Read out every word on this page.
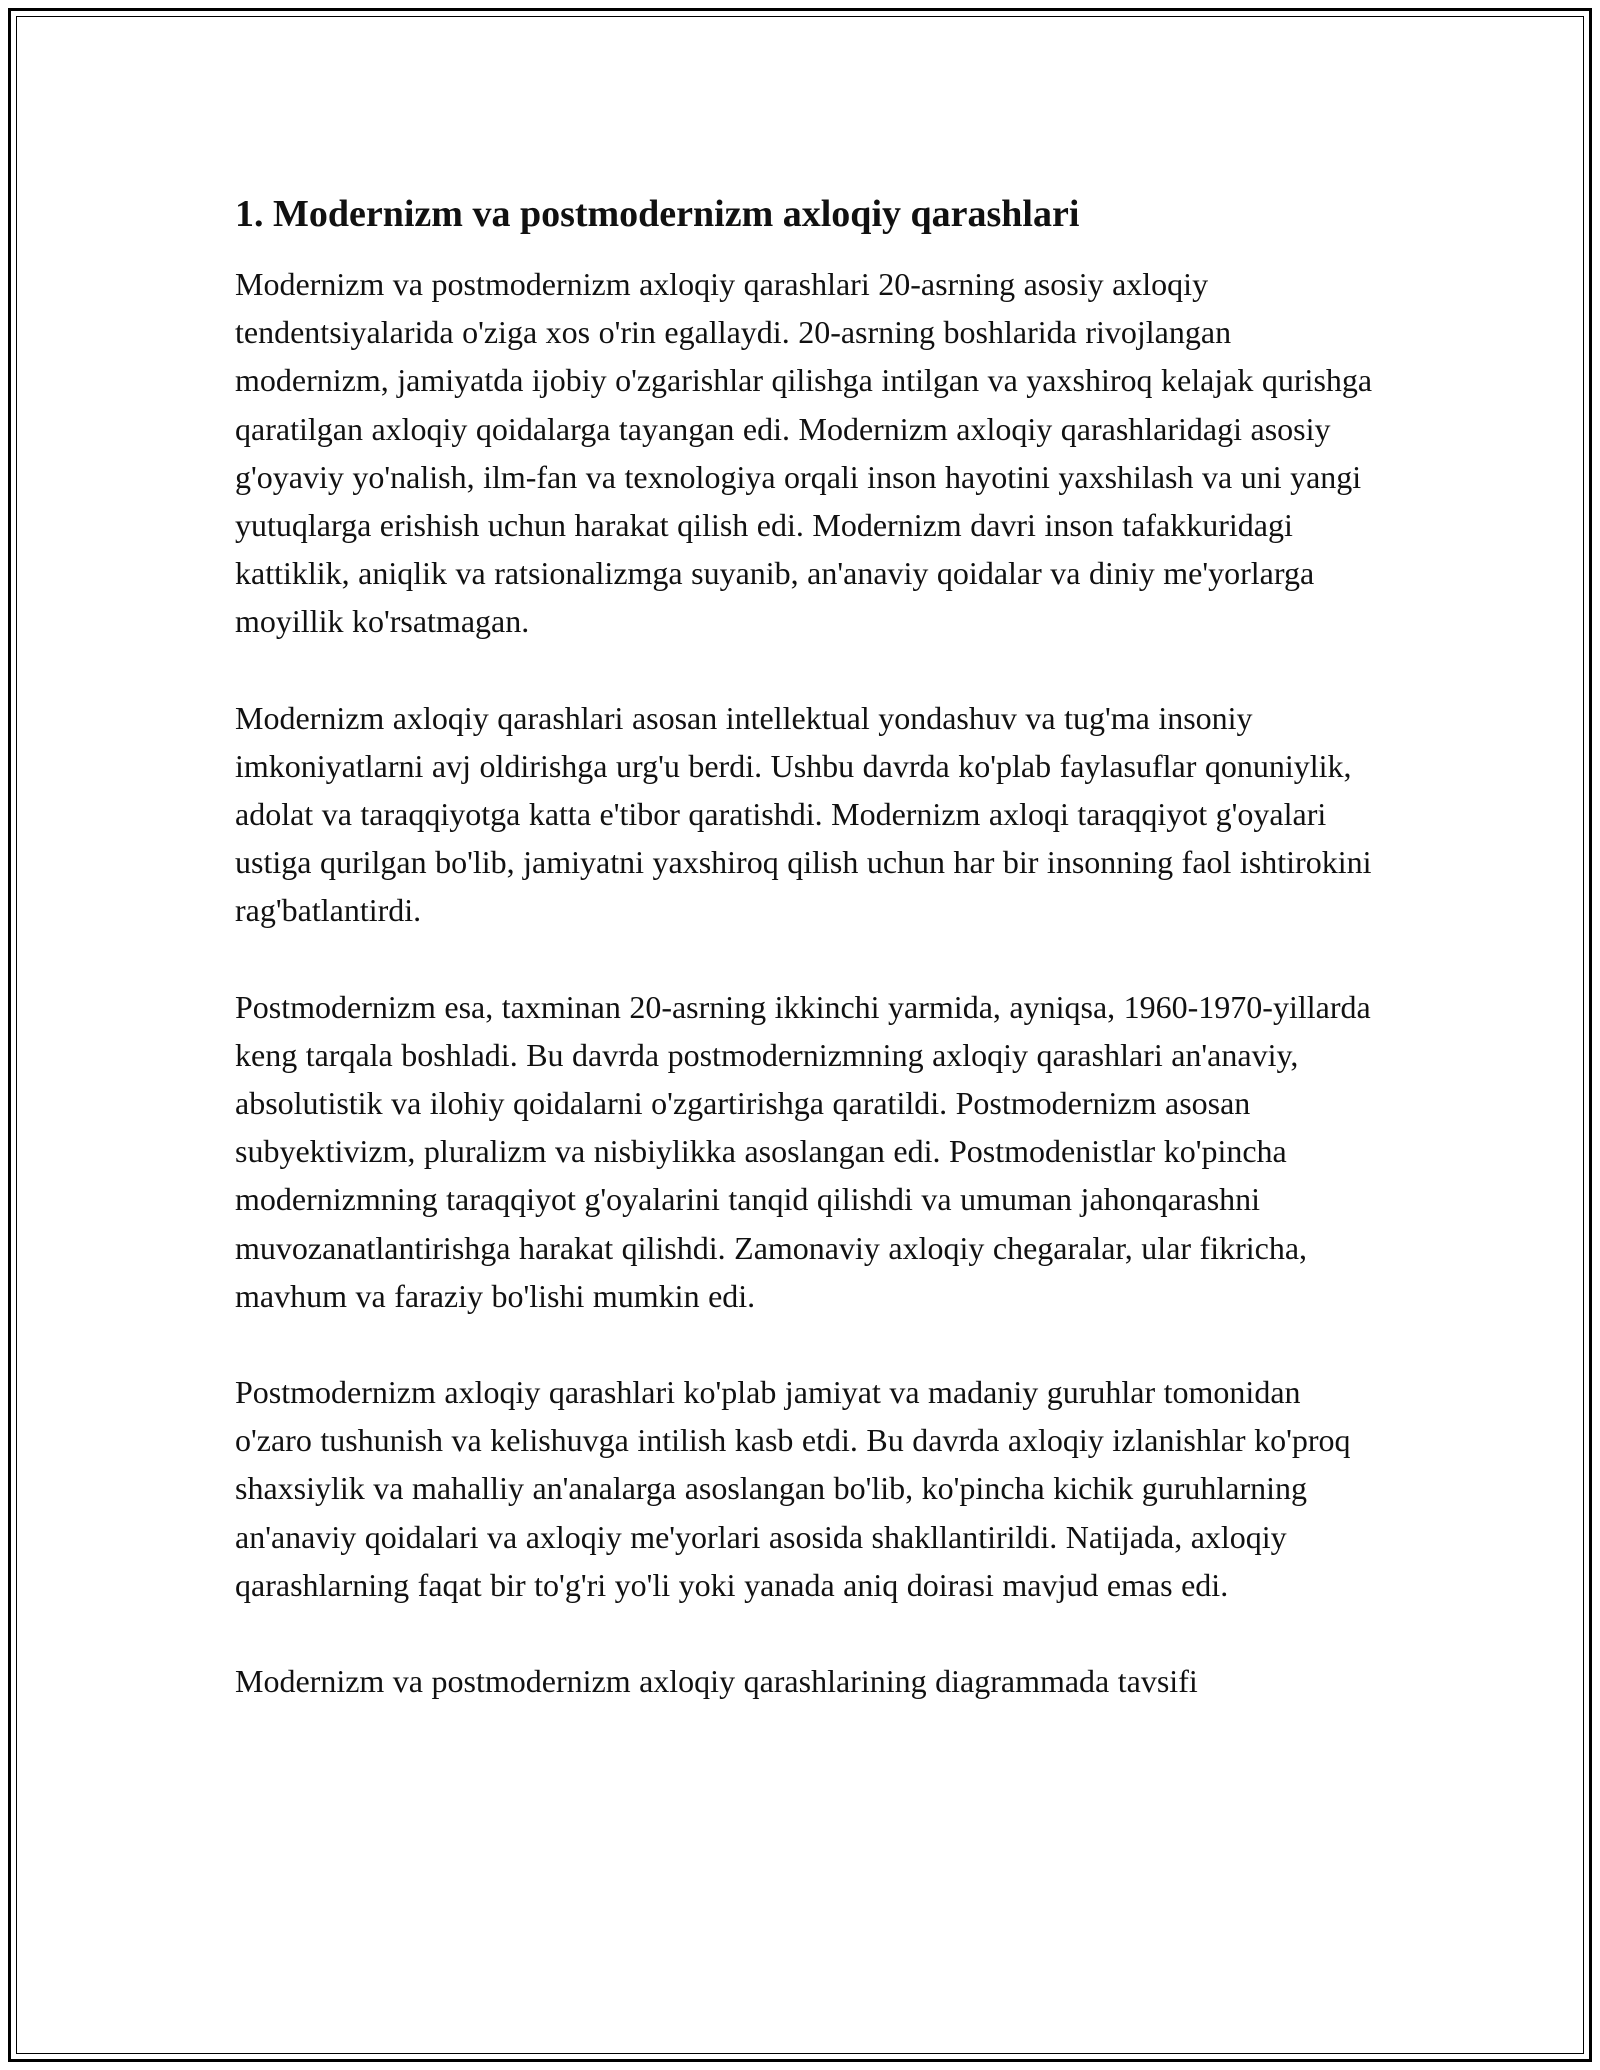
1. Modernizm va postmodernizm axloqiy qarashlari

Modernizm va postmodernizm axloqiy qarashlari 20-asrning asosiy axloqiy tendentsiyalarida o'ziga xos o'rin egallaydi. 20-asrning boshlarida rivojlangan modernizm, jamiyatda ijobiy o'zgarishlar qilishga intilgan va yaxshiroq kelajak qurishga qaratilgan axloqiy qoidalarga tayangan edi. Modernizm axloqiy qarashlaridagi asosiy g'oyaviy yo'nalish, ilm-fan va texnologiya orqali inson hayotini yaxshilash va uni yangi yutuqlarga erishish uchun harakat qilish edi. Modernizm davri inson tafakkuridagi kattiklik, aniqlik va ratsionalizmga suyanib, an'anaviy qoidalar va diniy me'yorlarga moyillik ko'rsatmagan.

Modernizm axloqiy qarashlari asosan intellektual yondashuv va tug'ma insoniy imkoniyatlarni avj oldirishga urg'u berdi. Ushbu davrda ko'plab faylasuflar qonuniylik, adolat va taraqqiyotga katta e'tibor qaratishdi. Modernizm axloqi taraqqiyot g'oyalari ustiga qurilgan bo'lib, jamiyatni yaxshiroq qilish uchun har bir insonning faol ishtirokini rag'batlantirdi.

Postmodernizm esa, taxminan 20-asrning ikkinchi yarmida, ayniqsa, 1960-1970-yillarda keng tarqala boshladi. Bu davrda postmodernizmning axloqiy qarashlari an'anaviy, absolutistik va ilohiy qoidalarni o'zgartirishga qaratildi. Postmodernizm asosan subyektivizm, pluralizm va nisbiylikka asoslangan edi. Postmodenistlar ko'pincha modernizmning taraqqiyot g'oyalarini tanqid qilishdi va umuman jahonqarashni muvozanatlantirishga harakat qilishdi. Zamonaviy axloqiy chegaralar, ular fikricha, mavhum va faraziy bo'lishi mumkin edi.

Postmodernizm axloqiy qarashlari ko'plab jamiyat va madaniy guruhlar tomonidan o'zaro tushunish va kelishuvga intilish kasb etdi. Bu davrda axloqiy izlanishlar ko'proq shaxsiylik va mahalliy an'analarga asoslangan bo'lib, ko'pincha kichik guruhlarning an'anaviy qoidalari va axloqiy me'yorlari asosida shakllantirildi. Natijada, axloqiy qarashlarning faqat bir to'g'ri yo'li yoki yanada aniq doirasi mavjud emas edi.

Modernizm va postmodernizm axloqiy qarashlarining diagrammada tavsifi
